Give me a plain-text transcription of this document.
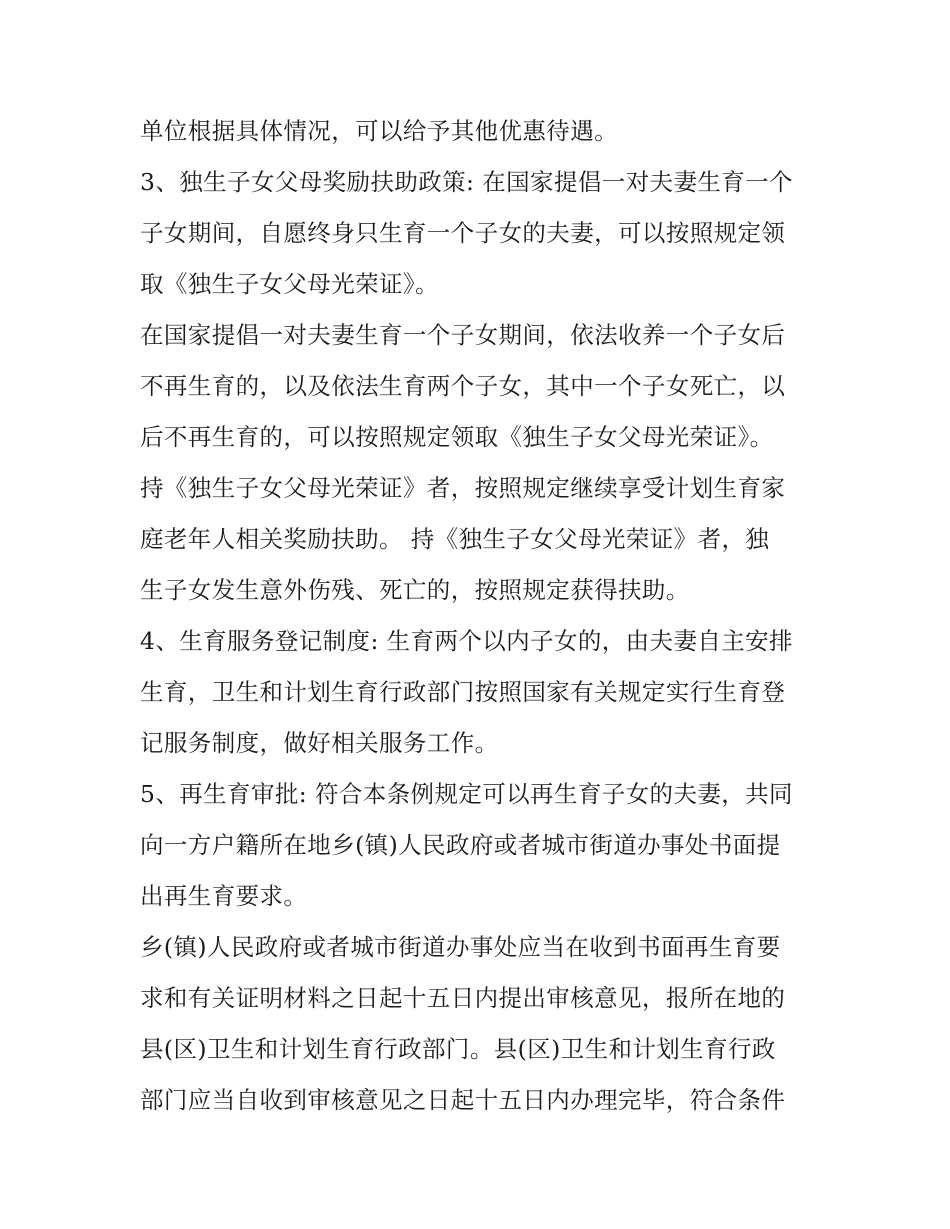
单位根据具体情况，可以给予其他优惠待遇。
3、独生子女父母奖励扶助政策: 在国家提倡一对夫妻生育一个
子女期间，自愿终身只生育一个子女的夫妻，可以按照规定领
取《独生子女父母光荣证》。
在国家提倡一对夫妻生育一个子女期间，依法收养一个子女后
不再生育的，以及依法生育两个子女，其中一个子女死亡，以
后不再生育的，可以按照规定领取《独生子女父母光荣证》。
持《独生子女父母光荣证》者，按照规定继续享受计划生育家
庭老年人相关奖励扶助。 持《独生子女父母光荣证》者，独
生子女发生意外伤残、死亡的，按照规定获得扶助。
4、生育服务登记制度: 生育两个以内子女的，由夫妻自主安排
生育，卫生和计划生育行政部门按照国家有关规定实行生育登
记服务制度，做好相关服务工作。
5、再生育审批: 符合本条例规定可以再生育子女的夫妻，共同
向一方户籍所在地乡(镇)人民政府或者城市街道办事处书面提
出再生育要求。
乡(镇)人民政府或者城市街道办事处应当在收到书面再生育要
求和有关证明材料之日起十五日内提出审核意见，报所在地的
县(区)卫生和计划生育行政部门。县(区)卫生和计划生育行政
部门应当自收到审核意见之日起十五日内办理完毕，符合条件
